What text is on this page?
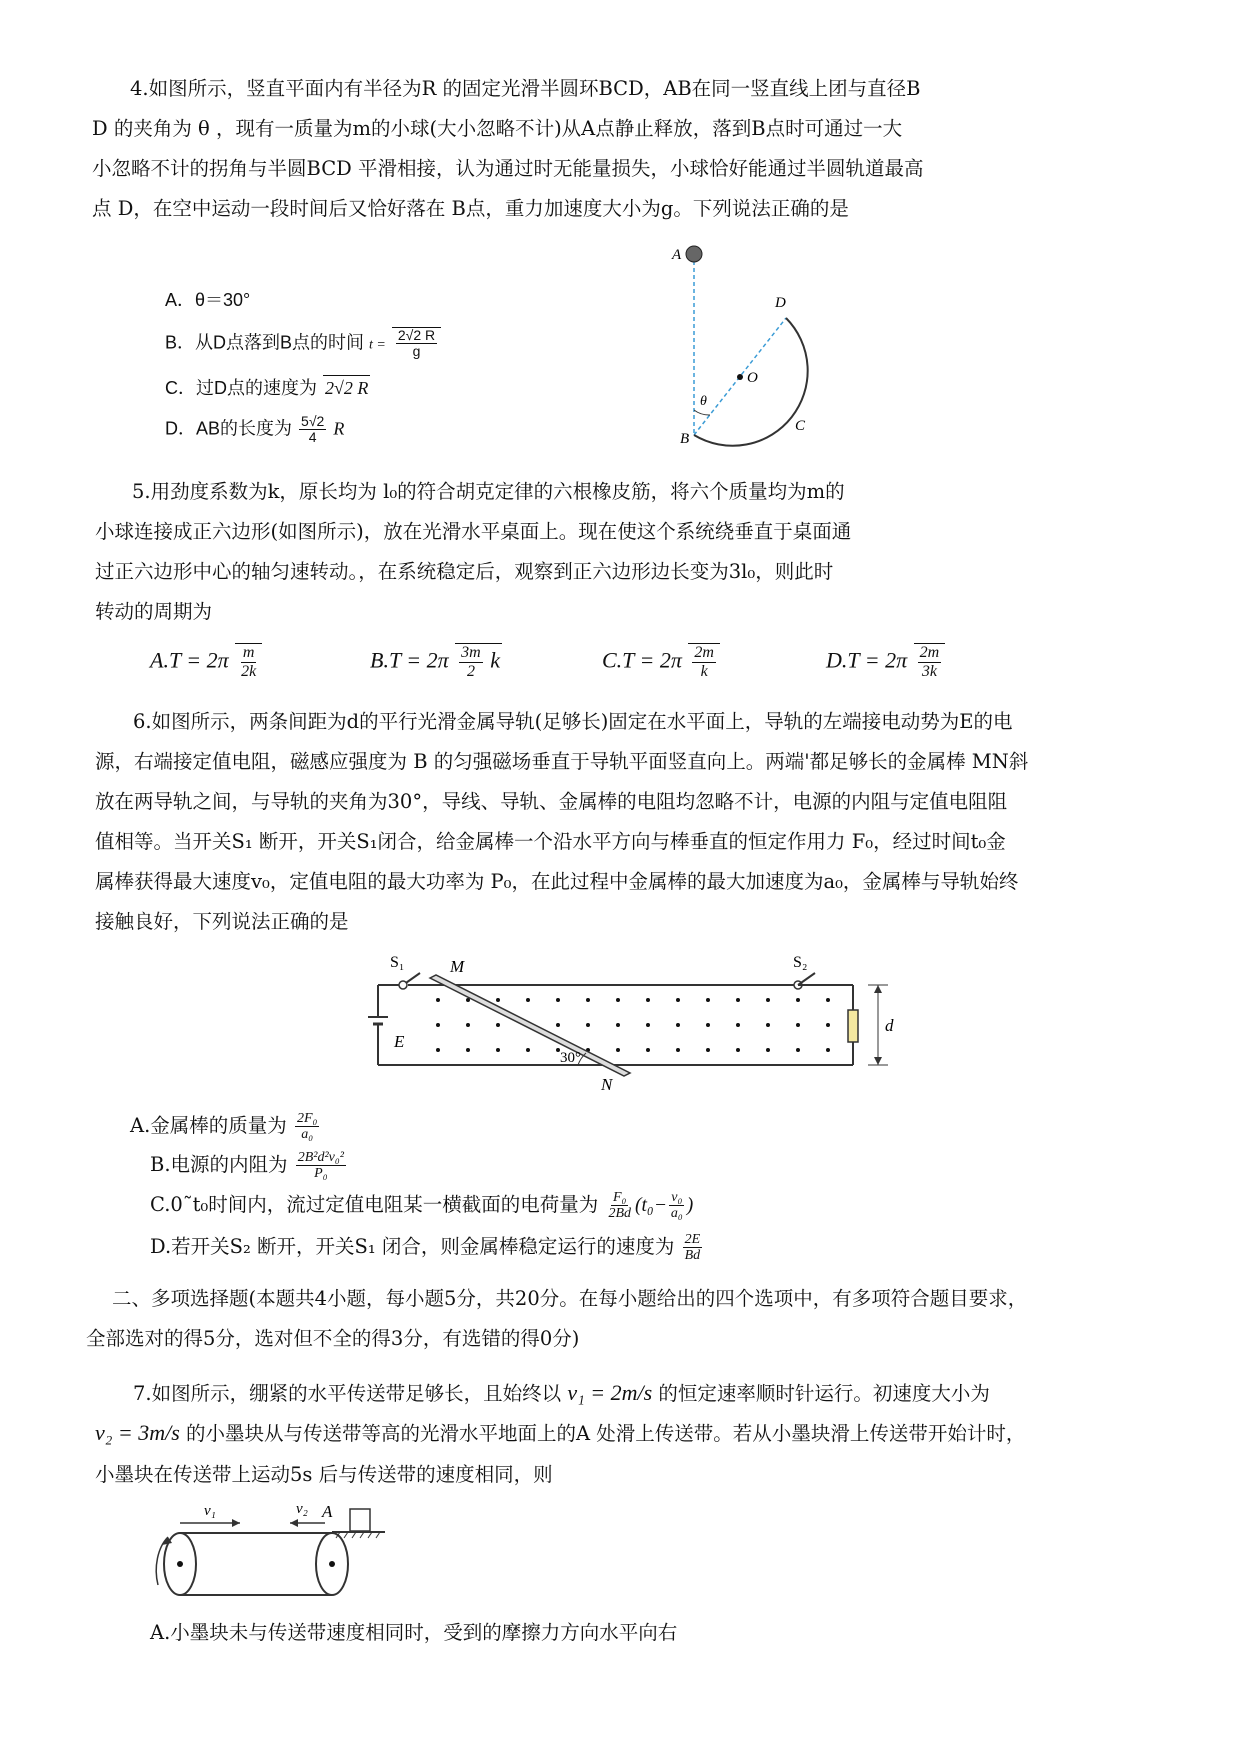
4.如图所示，竖直平面内有半径为R 的固定光滑半圆环BCD，AB在同一竖直线上团与直径B
D 的夹角为 θ ，现有一质量为m的小球(大小忽略不计)从A点静止释放，落到B点时可通过一大
小忽略不计的拐角与半圆BCD 平滑相接，认为通过时无能量损失，小球恰好能通过半圆轨道最高
点 D，在空中运动一段时间后又恰好落在 B点，重力加速度大小为g。下列说法正确的是
A．θ＝30°
B．从D点落到B点的时间 $t = \frac{2√2 R}{g}$
C．过D点的速度为 2√2 R
D．AB的长度为 $\frac{5√2}{4}$ R
A
D
O
θ
B
C
5.用劲度系数为k，原长均为 l₀的符合胡克定律的六根橡皮筋，将六个质量均为m的
小球连接成正六边形(如图所示)，放在光滑水平桌面上。现在使这个系统绕垂直于桌面通
过正六边形中心的轴匀速转动。，在系统稳定后，观察到正六边形边长变为3l₀，则此时
转动的周期为
$A.T = 2\pi \frac{m}{2k}$	$B.T = 2\pi \frac{3m}{2}$ k	$C.T = 2\pi \frac{2m}{k}$	$D.T = 2\pi \frac{2m}{3k}$
6.如图所示，两条间距为d的平行光滑金属导轨(足够长)固定在水平面上，导轨的左端接电动势为E的电
源，右端接定值电阻，磁感应强度为 B 的匀强磁场垂直于导轨平面竖直向上。两端'都足够长的金属棒 MN斜
放在两导轨之间，与导轨的夹角为30°，导线、导轨、金属棒的电阻均忽略不计，电源的内阻与定值电阻阻
值相等。当开关S₁ 断开，开关S₁闭合，给金属棒一个沿水平方向与棒垂直的恒定作用力 F₀，经过时间t₀金
属棒获得最大速度v₀，定值电阻的最大功率为 P₀，在此过程中金属棒的最大加速度为a₀，金属棒与导轨始终
接触良好，下列说法正确的是
S₁	M	S₂
E
30°
N
d
A.金属棒的质量为 $\frac{\text{2F₀}}{\text{a₀}}$
B.电源的内阻为 $\frac{\text{2B²d²v₀²}}{\text{P₀}}$
C.0˜t₀时间内，流过定值电阻某一横截面的电荷量为 $\frac{\text{F₀}}{2Bd} (t_0- \frac{\text{v₀}}{\text{a₀}}$ )
D.若开关S₂ 断开，开关S₁ 闭合，则金属棒稳定运行的速度为 $\frac{2E}{Bd}$
二、多项选择题(本题共4小题，每小题5分，共20分。在每小题给出的四个选项中，有多项符合题目要求，
全部选对的得5分，选对但不全的得3分，有选错的得0分)
7.如图所示，绷紧的水平传送带足够长，且始终以 v₁ = 2m/s 的恒定速率顺时针运行。初速度大小为
v₂ = 3m/s 的小墨块从与传送带等高的光滑水平地面上的A 处滑上传送带。若从小墨块滑上传送带开始计时，
小墨块在传送带上运动5s 后与传送带的速度相同，则
v₁	v₂ A
A.小墨块未与传送带速度相同时，受到的摩擦力方向水平向右
